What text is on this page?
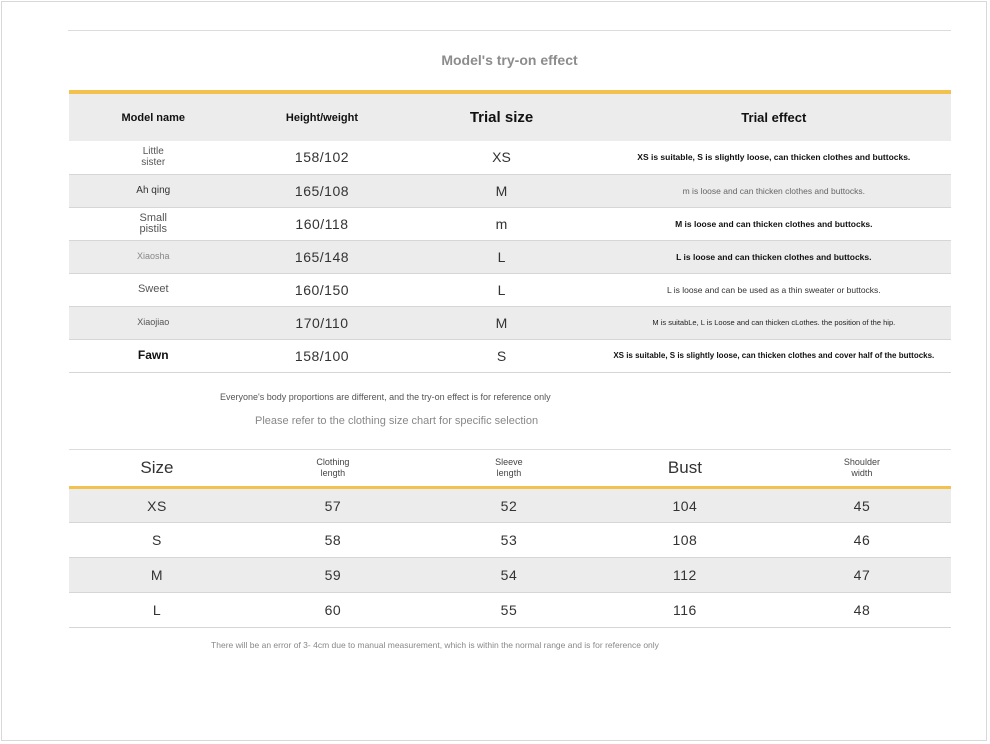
Model's try-on effect
Model name	Height/weight	Trial size	Trial effect

Little sister	158/102	XS	XS is suitable, S is slightly loose, can thicken clothes and buttocks.

Ah qing	165/108	M	m is loose and can thicken clothes and buttocks.

Small pistils	160/118	m	M is loose and can thicken clothes and buttocks.

Xiaosha	165/148	L	L is loose and can thicken clothes and buttocks.

Sweet	160/150	L	L is loose and can be used as a thin sweater or buttocks.

Xiaojiao	170/110	M	M is suitabLe, L is Loose and can thicken cLothes. the position of the hip.

Fawn	158/100	S	XS is suitable, S is slightly loose, can thicken clothes and cover half of the buttocks.
Everyone's body proportions are different, and the try-on effect is for reference only
Please refer to the clothing size chart for specific selection
Size	Clothing length	Sleeve length	Bust	Shoulder width

XS	57	52	104	45
S	58	53	108	46
M	59	54	112	47
L	60	55	116	48
There will be an error of 3- 4cm due to manual measurement, which is within the normal range and is for reference only
